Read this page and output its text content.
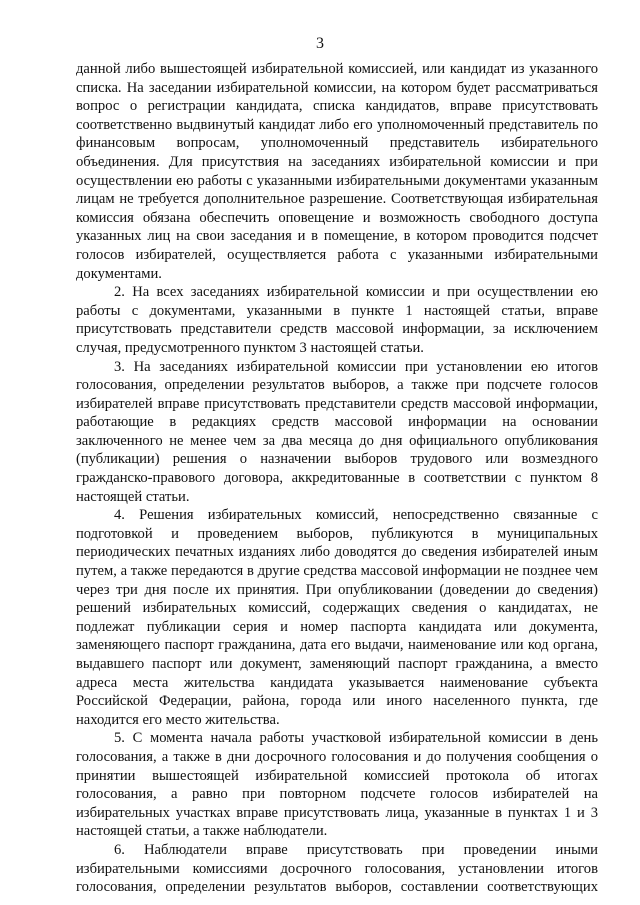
3

данной либо вышестоящей избирательной комиссией, или кандидат из указанного списка. На заседании избирательной комиссии, на котором будет рассматриваться вопрос о регистрации кандидата, списка кандидатов, вправе присутствовать соответственно выдвинутый кандидат либо его уполномоченный представитель по финансовым вопросам, уполномоченный представитель избирательного объединения. Для присутствия на заседаниях избирательной комиссии и при осуществлении ею работы с указанными избирательными документами указанным лицам не требуется дополнительное разрешение. Соответствующая избирательная комиссия обязана обеспечить оповещение и возможность свободного доступа указанных лиц на свои заседания и в помещение, в котором проводится подсчет голосов избирателей, осуществляется работа с указанными избирательными документами.

2. На всех заседаниях избирательной комиссии и при осуществлении ею работы с документами, указанными в пункте 1 настоящей статьи, вправе присутствовать представители средств массовой информации, за исключением случая, предусмотренного пунктом 3 настоящей статьи.

3. На заседаниях избирательной комиссии при установлении ею итогов голосования, определении результатов выборов, а также при подсчете голосов избирателей вправе присутствовать представители средств массовой информации, работающие в редакциях средств массовой информации на основании заключенного не менее чем за два месяца до дня официального опубликования (публикации) решения о назначении выборов трудового или возмездного гражданско-правового договора, аккредитованные в соответствии с пунктом 8 настоящей статьи.

4. Решения избирательных комиссий, непосредственно связанные с подготовкой и проведением выборов, публикуются в муниципальных периодических печатных изданиях либо доводятся до сведения избирателей иным путем, а также передаются в другие средства массовой информации не позднее чем через три дня после их принятия. При опубликовании (доведении до сведения) решений избирательных комиссий, содержащих сведения о кандидатах, не подлежат публикации серия и номер паспорта кандидата или документа, заменяющего паспорт гражданина, дата его выдачи, наименование или код органа, выдавшего паспорт или документ, заменяющий паспорт гражданина, а вместо адреса места жительства кандидата указывается наименование субъекта Российской Федерации, района, города или иного населенного пункта, где находится его место жительства.

5. С момента начала работы участковой избирательной комиссии в день голосования, а также в дни досрочного голосования и до получения сообщения о принятии вышестоящей избирательной комиссией протокола об итогах голосования, а равно при повторном подсчете голосов избирателей на избирательных участках вправе присутствовать лица, указанные в пунктах 1 и 3 настоящей статьи, а также наблюдатели.

6. Наблюдатели вправе присутствовать при проведении иными избирательными комиссиями досрочного голосования, установлении итогов голосования, определении результатов выборов, составлении соответствующих
